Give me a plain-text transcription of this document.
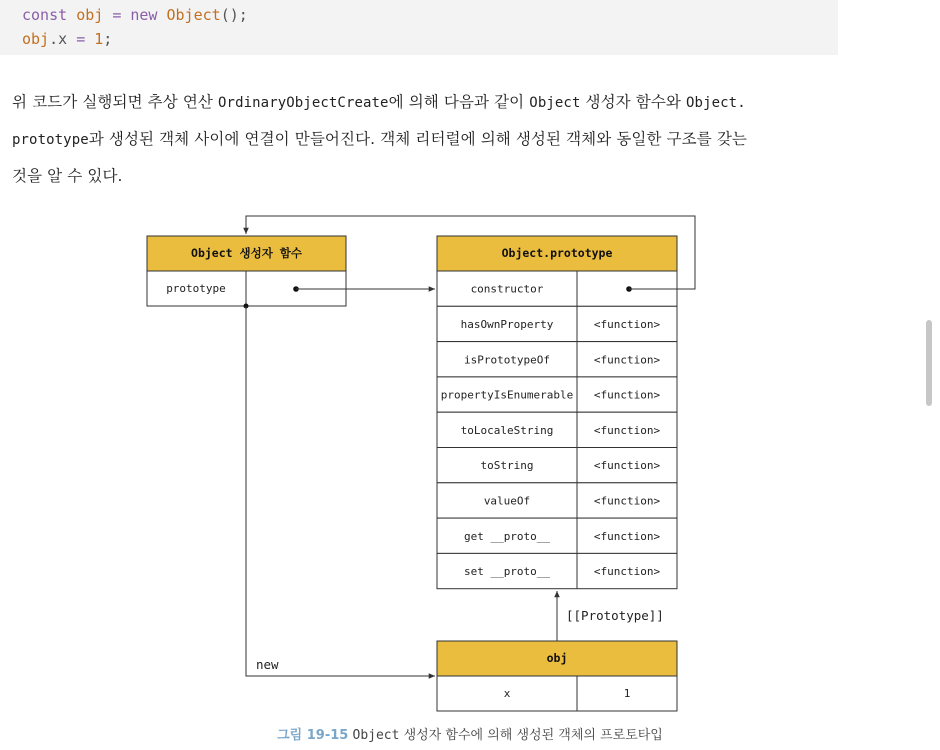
const obj = new Object();
obj.x = 1;

위 코드가 실행되면 추상 연산 OrdinaryObjectCreate에 의해 다음과 같이 Object 생성자 함수와 Object.

prototype과 생성된 객체 사이에 연결이 만들어진다. 객체 리터럴에 의해 생성된 객체와 동일한 구조를 갖는

것을 알 수 있다.

Object 생성자 함수
prototype
Object.prototype
constructor
hasOwnProperty	<function>
isPrototypeOf	<function>
propertyIsEnumerable <function>
toLocaleString	<function>
toString	<function>
valueOf	<function>
get __proto__	<function>
set __proto__	<function>
obj
x	1
[[Prototype]]
new
그림 19-15 Object 생성자 함수에 의해 생성된 객체의 프로토타입
